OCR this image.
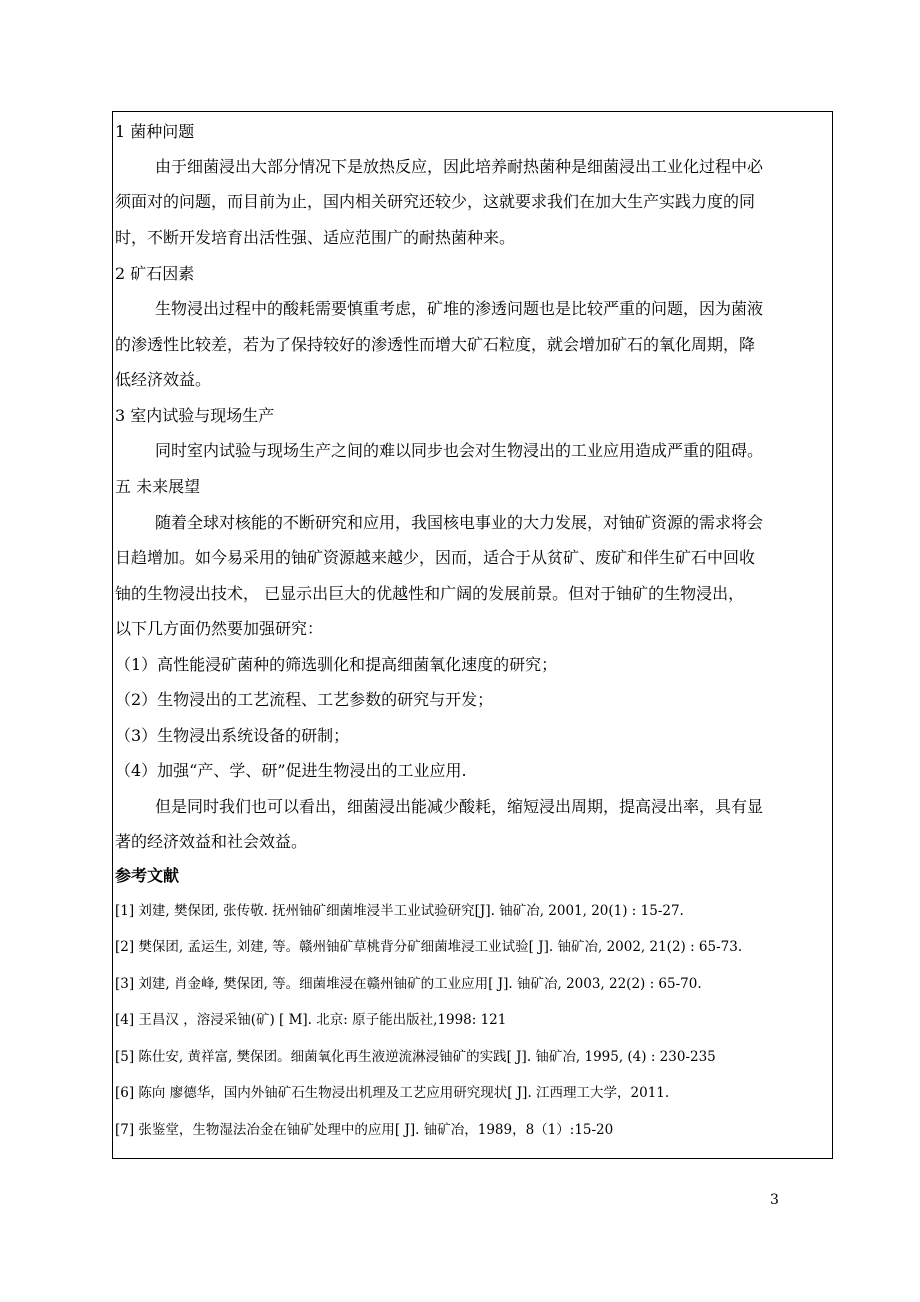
1 菌种问题
由于细菌浸出大部分情况下是放热反应，因此培养耐热菌种是细菌浸出工业化过程中必
须面对的问题，而目前为止，国内相关研究还较少，这就要求我们在加大生产实践力度的同
时，不断开发培育出活性强、适应范围广的耐热菌种来。
2 矿石因素
生物浸出过程中的酸耗需要慎重考虑，矿堆的渗透问题也是比较严重的问题，因为菌液
的渗透性比较差，若为了保持较好的渗透性而增大矿石粒度，就会增加矿石的氧化周期，降
低经济效益。
3 室内试验与现场生产
同时室内试验与现场生产之间的难以同步也会对生物浸出的工业应用造成严重的阻碍。
五 未来展望
随着全球对核能的不断研究和应用，我国核电事业的大力发展，对铀矿资源的需求将会
日趋增加。如今易采用的铀矿资源越来越少，因而，适合于从贫矿、废矿和伴生矿石中回收
铀的生物浸出技术， 已显示出巨大的优越性和广阔的发展前景。但对于铀矿的生物浸出，
以下几方面仍然要加强研究：
（1）高性能浸矿菌种的筛选驯化和提高细菌氧化速度的研究；
（2）生物浸出的工艺流程、工艺参数的研究与开发；
（3）生物浸出系统设备的研制；
（4）加强“产、学、研”促进生物浸出的工业应用.
但是同时我们也可以看出，细菌浸出能减少酸耗，缩短浸出周期，提高浸出率，具有显
著的经济效益和社会效益。
参考文献
[1] 刘建, 樊保团, 张传敬. 抚州铀矿细菌堆浸半工业试验研究[J]. 铀矿冶, 2001, 20(1) : 15-27.
[2] 樊保团, 孟运生, 刘建, 等。赣州铀矿草桃背分矿细菌堆浸工业试验[ J]. 铀矿冶, 2002, 21(2) : 65-73.
[3] 刘建, 肖金峰, 樊保团, 等。细菌堆浸在赣州铀矿的工业应用[ J]. 铀矿冶, 2003, 22(2) : 65-70.
[4] 王昌汉 ，溶浸采铀(矿) [ M]. 北京: 原子能出版社,1998: 121
[5] 陈仕安, 黄祥富, 樊保团。细菌氧化再生液逆流淋浸铀矿的实践[ J]. 铀矿冶, 1995, (4) : 230-235
[6] 陈向 廖德华，国内外铀矿石生物浸出机理及工艺应用研究现状[ J]. 江西理工大学，2011.
[7] 张鉴堂，生物湿法冶金在铀矿处理中的应用[ J]. 铀矿冶，1989，8（1）:15-20
3
